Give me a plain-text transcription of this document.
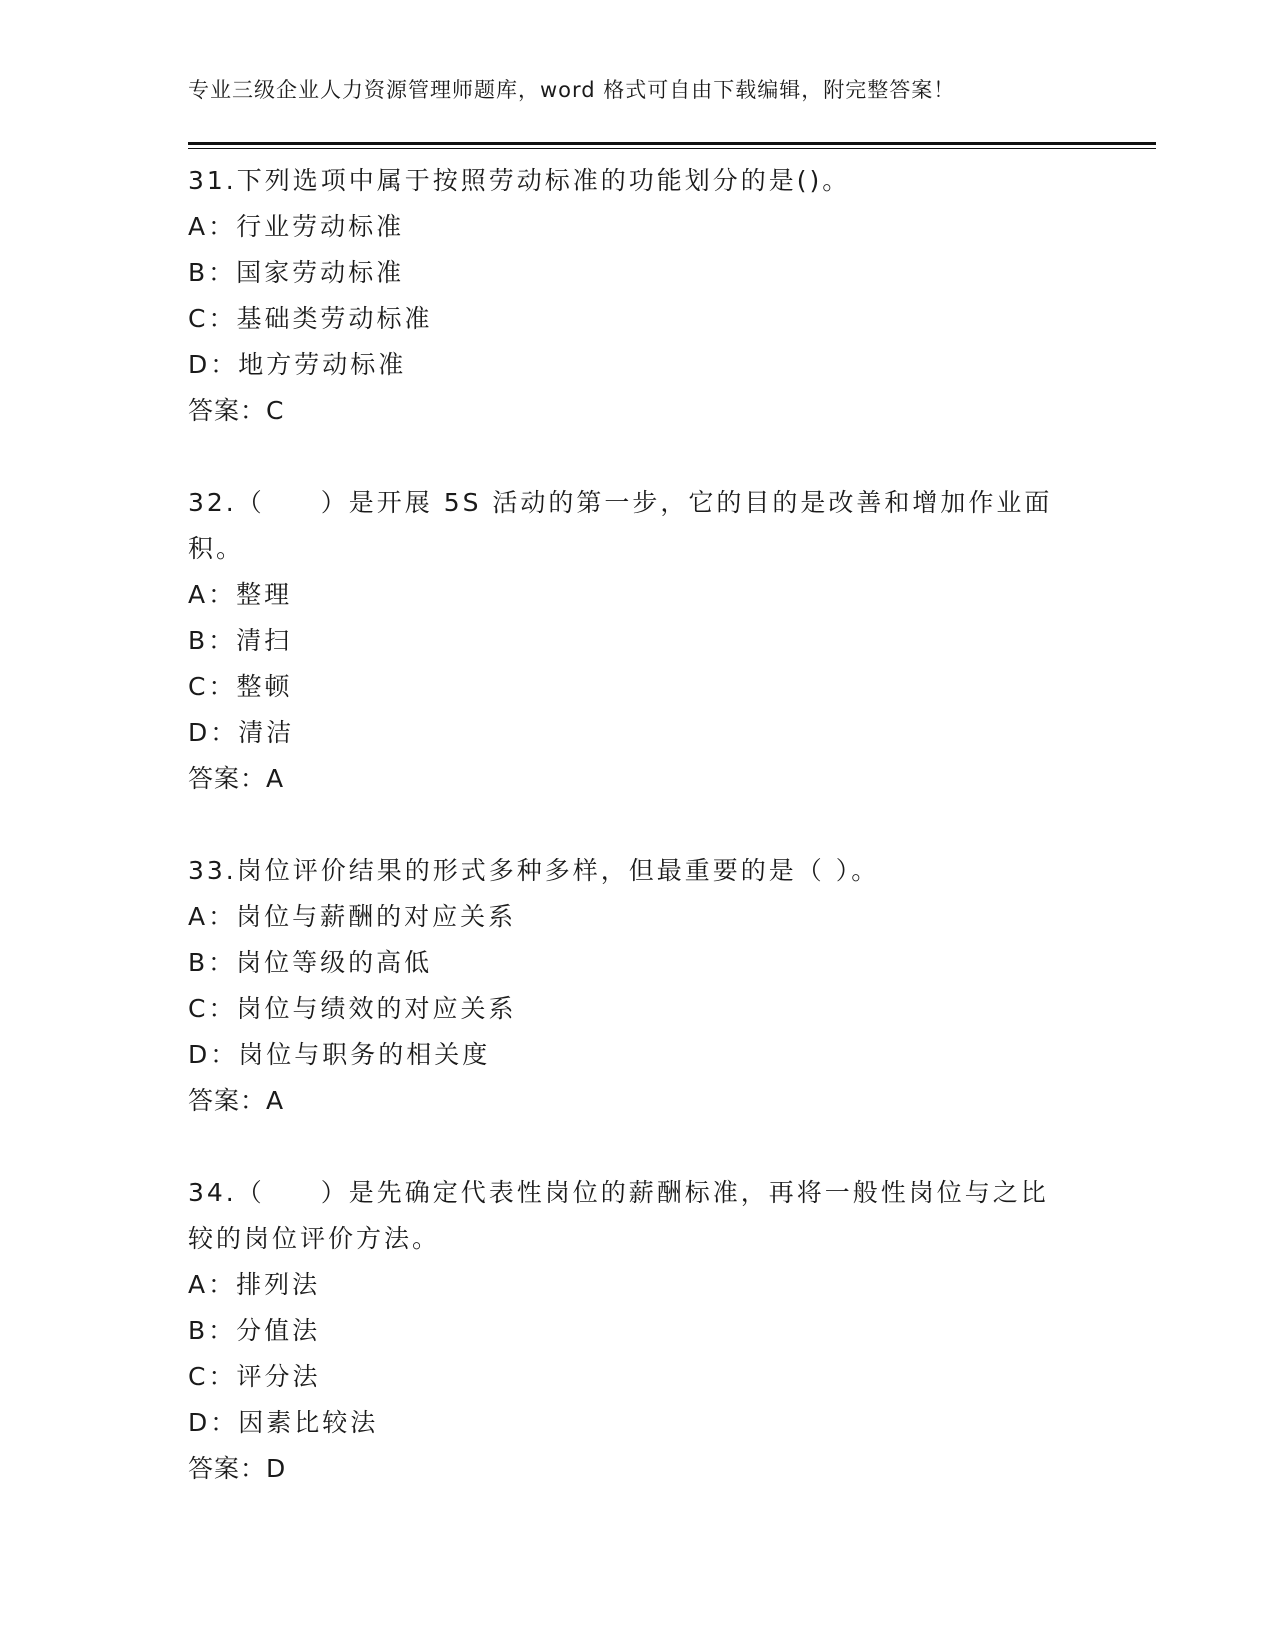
专业三级企业人力资源管理师题库，word 格式可自由下载编辑，附完整答案！
31.下列选项中属于按照劳动标准的功能划分的是()。
A：行业劳动标准
B：国家劳动标准
C：基础类劳动标准
D：地方劳动标准
答案：C
32.（　　）是开展 5S 活动的第一步，它的目的是改善和增加作业面
积。
A：整理
B：清扫
C：整顿
D：清洁
答案：A
33.岗位评价结果的形式多种多样，但最重要的是（ ）。
A：岗位与薪酬的对应关系
B：岗位等级的高低
C：岗位与绩效的对应关系
D：岗位与职务的相关度
答案：A
34.（　　）是先确定代表性岗位的薪酬标准，再将一般性岗位与之比
较的岗位评价方法。
A：排列法
B：分值法
C：评分法
D：因素比较法
答案：D
